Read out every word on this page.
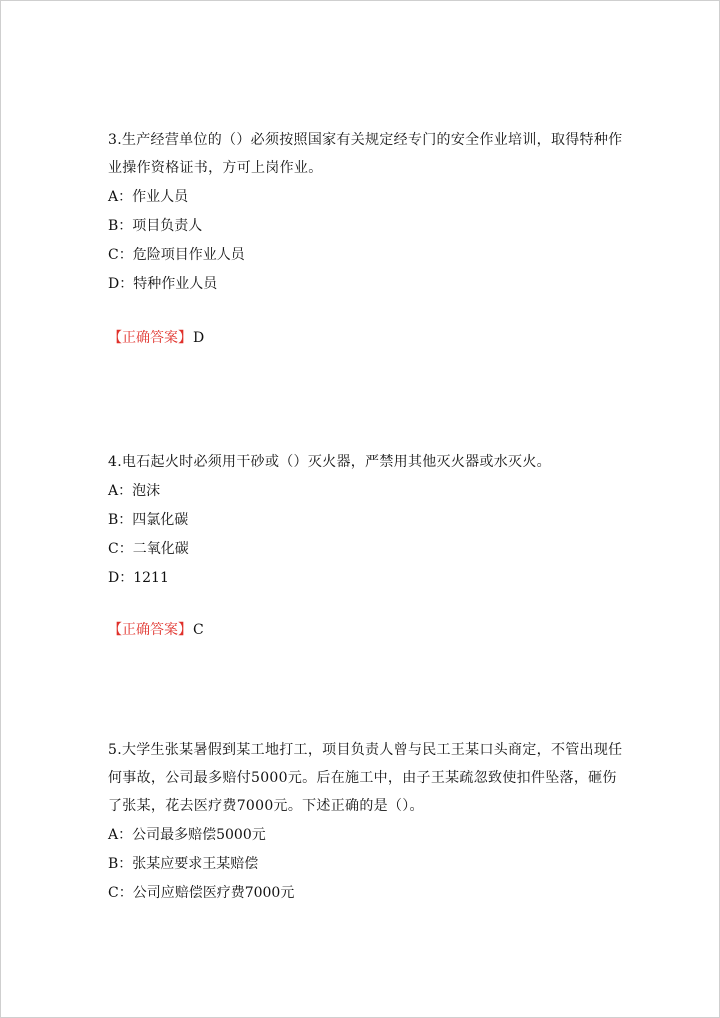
3.生产经营单位的（）必须按照国家有关规定经专门的安全作业培训，取得特种作业操作资格证书，方可上岗作业。

A：作业人员

B：项目负责人

C：危险项目作业人员

D：特种作业人员

【正确答案】D

4.电石起火时必须用干砂或（）灭火器，严禁用其他灭火器或水灭火。

A：泡沫

B：四氯化碳

C：二氧化碳

D：1211

【正确答案】C

5.大学生张某暑假到某工地打工，项目负责人曾与民工王某口头商定，不管出现任何事故，公司最多赔付5000元。后在施工中，由子王某疏忽致使扣件坠落，砸伤了张某，花去医疗费7000元。下述正确的是（）。

A：公司最多赔偿5000元

B：张某应要求王某赔偿

C：公司应赔偿医疗费7000元
